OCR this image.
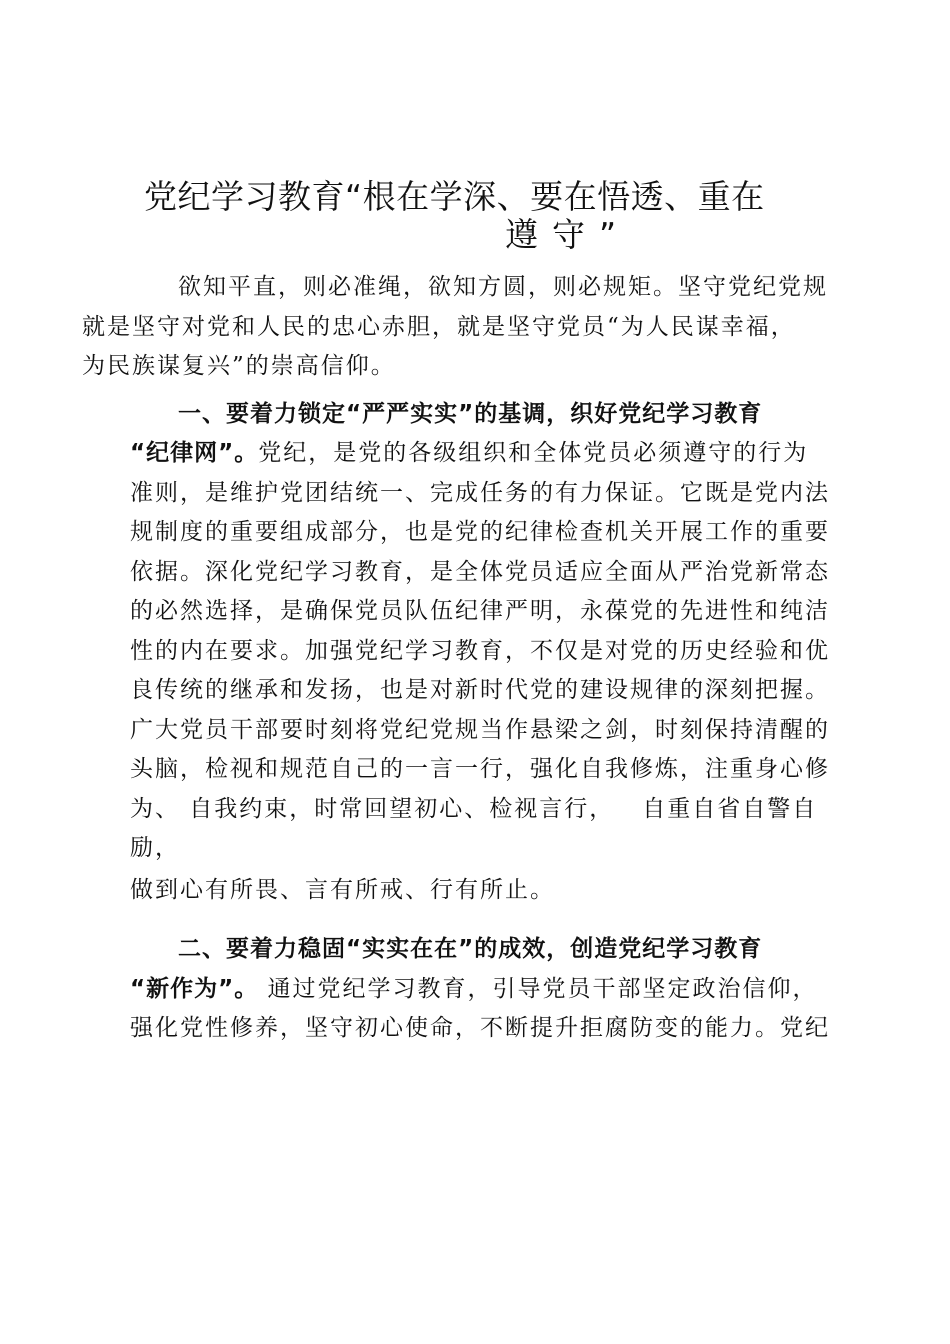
党纪学习教育“根在学深、要在悟透、重在
遵守”

欲知平直，则必准绳，欲知方圆，则必规矩。坚守党纪党规
就是坚守对党和人民的忠心赤胆，就是坚守党员“为人民谋幸福，
为民族谋复兴”的崇高信仰。

一、要着力锁定“严严实实”的基调，织好党纪学习教育
“纪律网”。党纪，是党的各级组织和全体党员必须遵守的行为
准则，是维护党团结统一、完成任务的有力保证。它既是党内法
规制度的重要组成部分，也是党的纪律检查机关开展工作的重要
依据。深化党纪学习教育，是全体党员适应全面从严治党新常态
的必然选择，是确保党员队伍纪律严明，永葆党的先进性和纯洁
性的内在要求。加强党纪学习教育，不仅是对党的历史经验和优
良传统的继承和发扬，也是对新时代党的建设规律的深刻把握。
广大党员干部要时刻将党纪党规当作悬梁之剑，时刻保持清醒的
头脑，检视和规范自己的一言一行，强化自我修炼，注重身心修
为、 自我约束，时常回望初心、检视言行，   自重自省自警自
励，
做到心有所畏、言有所戒、行有所止。

二、要着力稳固“实实在在”的成效，创造党纪学习教育
“新作为”。 通过党纪学习教育，引导党员干部坚定政治信仰，
强化党性修养，坚守初心使命，不断提升拒腐防变的能力。党纪
